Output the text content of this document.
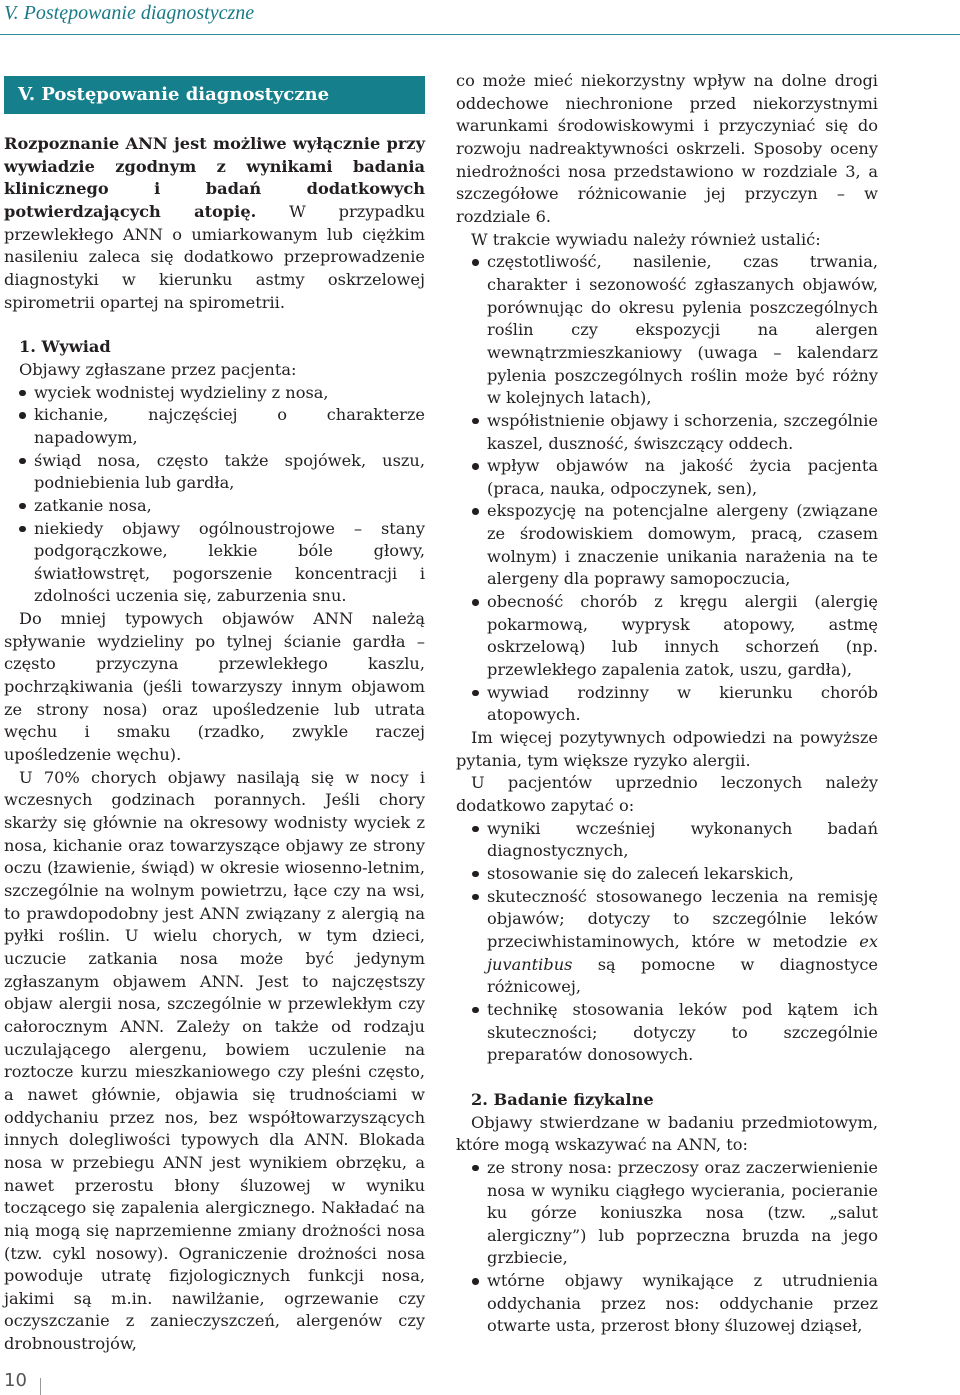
V. Postępowanie diagnostyczne
V. Postępowanie diagnostyczne

Rozpoznanie ANN jest możliwe wyłącznie przy wywiadzie zgodnym z wynikami badania klinicznego i badań dodatkowych potwierdzających atopię. W przypadku przewlekłego ANN o umiarkowanym lub ciężkim nasileniu zaleca się dodatkowo przeprowadzenie diagnostyki w kierunku astmy oskrzelowej spirometrii opartej na spirometrii.

1. Wywiad
Objawy zgłaszane przez pacjenta:
wyciek wodnistej wydzieliny z nosa,
kichanie, najczęściej o charakterze napadowym,
świąd nosa, często także spojówek, uszu, podniebienia lub gardła,
zatkanie nosa,
niekiedy objawy ogólnoustrojowe – stany podgorączkowe, lekkie bóle głowy, światłowstręt, pogorszenie koncentracji i zdolności uczenia się, zaburzenia snu.

Do mniej typowych objawów ANN należą spływanie wydzieliny po tylnej ścianie gardła – często przyczyna przewlekłego kaszlu, pochrząkiwania (jeśli towarzyszy innym objawom ze strony nosa) oraz upośledzenie lub utrata węchu i smaku (rzadko, zwykle raczej upośledzenie węchu).

U 70% chorych objawy nasilają się w nocy i wczesnych godzinach porannych. Jeśli chory skarży się głównie na okresowy wodnisty wyciek z nosa, kichanie oraz towarzyszące objawy ze strony oczu (łzawienie, świąd) w okresie wiosenno-letnim, szczególnie na wolnym powietrzu, łące czy na wsi, to prawdopodobny jest ANN związany z alergią na pyłki roślin. U wielu chorych, w tym dzieci, uczucie zatkania nosa może być jedynym zgłaszanym objawem ANN. Jest to najczęstszy objaw alergii nosa, szczególnie w przewlekłym czy całorocznym ANN. Zależy on także od rodzaju uczulającego alergenu, bowiem uczulenie na roztocze kurzu mieszkaniowego czy pleśni często, a nawet głównie, objawia się trudnościami w oddychaniu przez nos, bez współtowarzyszących innych dolegliwości typowych dla ANN. Blokada nosa w przebiegu ANN jest wynikiem obrzęku, a nawet przerostu błony śluzowej w wyniku toczącego się zapalenia alergicznego. Nakładać na nią mogą się naprzemienne zmiany drożności nosa (tzw. cykl nosowy). Ograniczenie drożności nosa powoduje utratę fizjologicznych funkcji nosa, jakimi są m.in. nawilżanie, ogrzewanie czy oczyszczanie z zanieczyszczeń, alergenów czy drobnoustrojów,

co może mieć niekorzystny wpływ na dolne drogi oddechowe niechronione przed niekorzystnymi warunkami środowiskowymi i przyczyniać się do rozwoju nadreaktywności oskrzeli. Sposoby oceny niedrożności nosa przedstawiono w rozdziale 3, a szczegółowe różnicowanie jej przyczyn – w rozdziale 6.

W trakcie wywiadu należy również ustalić:

częstotliwość, nasilenie, czas trwania, charakter i sezonowość zgłaszanych objawów, porównując do okresu pylenia poszczególnych roślin czy ekspozycji na alergen wewnątrzmieszkaniowy (uwaga – kalendarz pylenia poszczególnych roślin może być różny w kolejnych latach),
współistnienie objawy i schorzenia, szczególnie kaszel, duszność, świszczący oddech.
wpływ objawów na jakość życia pacjenta (praca, nauka, odpoczynek, sen),
ekspozycję na potencjalne alergeny (związane ze środowiskiem domowym, pracą, czasem wolnym) i znaczenie unikania narażenia na te alergeny dla poprawy samopoczucia,
obecność chorób z kręgu alergii (alergię pokarmową, wyprysk atopowy, astmę oskrzelową) lub innych schorzeń (np. przewlekłego zapalenia zatok, uszu, gardła),
wywiad rodzinny w kierunku chorób atopowych.

Im więcej pozytywnych odpowiedzi na powyższe pytania, tym większe ryzyko alergii.

U pacjentów uprzednio leczonych należy dodatkowo zapytać o:

wyniki wcześniej wykonanych badań diagnostycznych,
stosowanie się do zaleceń lekarskich,
skuteczność stosowanego leczenia na remisję objawów; dotyczy to szczególnie leków przeciwhistaminowych, które w metodzie ex juvantibus są pomocne w diagnostyce różnicowej,
technikę stosowania leków pod kątem ich skuteczności; dotyczy to szczególnie preparatów donosowych.
2. Badanie fizykalne

Objawy stwierdzane w badaniu przedmiotowym, które mogą wskazywać na ANN, to:

ze strony nosa: przeczosy oraz zaczerwienienie nosa w wyniku ciągłego wycierania, pocieranie ku górze koniuszka nosa (tzw. „salut alergiczny”) lub poprzeczna bruzda na jego grzbiecie,
wtórne objawy wynikające z utrudnienia oddychania przez nos: oddychanie przez otwarte usta, przerost błony śluzowej dziąseł,
10
